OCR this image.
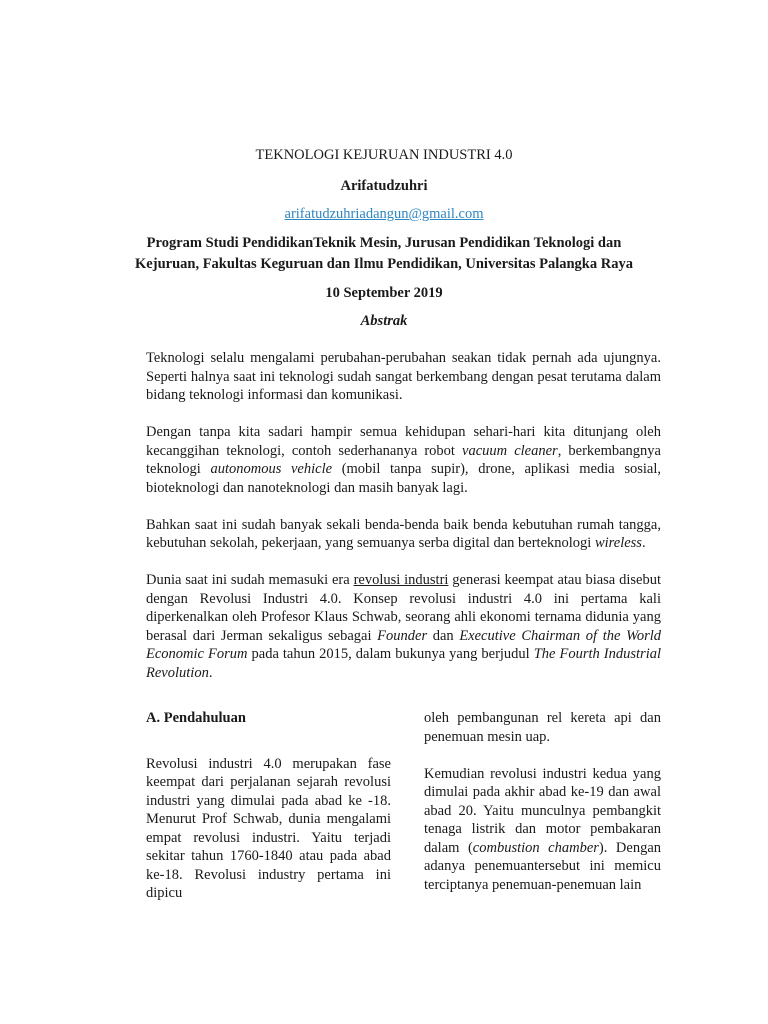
TEKNOLOGI KEJURUAN INDUSTRI 4.0
Arifatudzuhri
arifatudzuhriadangun@gmail.com
Program Studi PendidikanTeknik Mesin, Jurusan Pendidikan Teknologi dan
Kejuruan, Fakultas Keguruan dan Ilmu Pendidikan, Universitas Palangka Raya
10 September 2019
Abstrak

Teknologi selalu mengalami perubahan-perubahan seakan tidak pernah ada ujungnya. Seperti halnya saat ini teknologi sudah sangat berkembang dengan pesat terutama dalam bidang teknologi informasi dan komunikasi.

Dengan tanpa kita sadari hampir semua kehidupan sehari-hari kita ditunjang oleh kecanggihan teknologi, contoh sederhananya robot vacuum cleaner, berkembangnya teknologi autonomous vehicle (mobil tanpa supir), drone, aplikasi media sosial, bioteknologi dan nanoteknologi dan masih banyak lagi.

Bahkan saat ini sudah banyak sekali benda-benda baik benda kebutuhan rumah tangga, kebutuhan sekolah, pekerjaan, yang semuanya serba digital dan berteknologi wireless.

Dunia saat ini sudah memasuki era revolusi industri generasi keempat atau biasa disebut dengan Revolusi Industri 4.0. Konsep revolusi industri 4.0 ini pertama kali diperkenalkan oleh Profesor Klaus Schwab, seorang ahli ekonomi ternama didunia yang berasal dari Jerman sekaligus sebagai Founder dan Executive Chairman of the World Economic Forum pada tahun 2015, dalam bukunya yang berjudul The Fourth Industrial Revolution.

A. Pendahuluan

Revolusi industri 4.0 merupakan fase keempat dari perjalanan sejarah revolusi industri yang dimulai pada abad ke -18. Menurut Prof Schwab, dunia mengalami empat revolusi industri. Yaitu terjadi sekitar tahun 1760-1840 atau pada abad ke-18. Revolusi industry pertama ini dipicu

oleh pembangunan rel kereta api dan penemuan mesin uap.

Kemudian revolusi industri kedua yang dimulai pada akhir abad ke-19 dan awal abad 20. Yaitu munculnya pembangkit tenaga listrik dan motor pembakaran dalam (combustion chamber). Dengan adanya penemuantersebut ini memicu terciptanya penemuan-penemuan lain
